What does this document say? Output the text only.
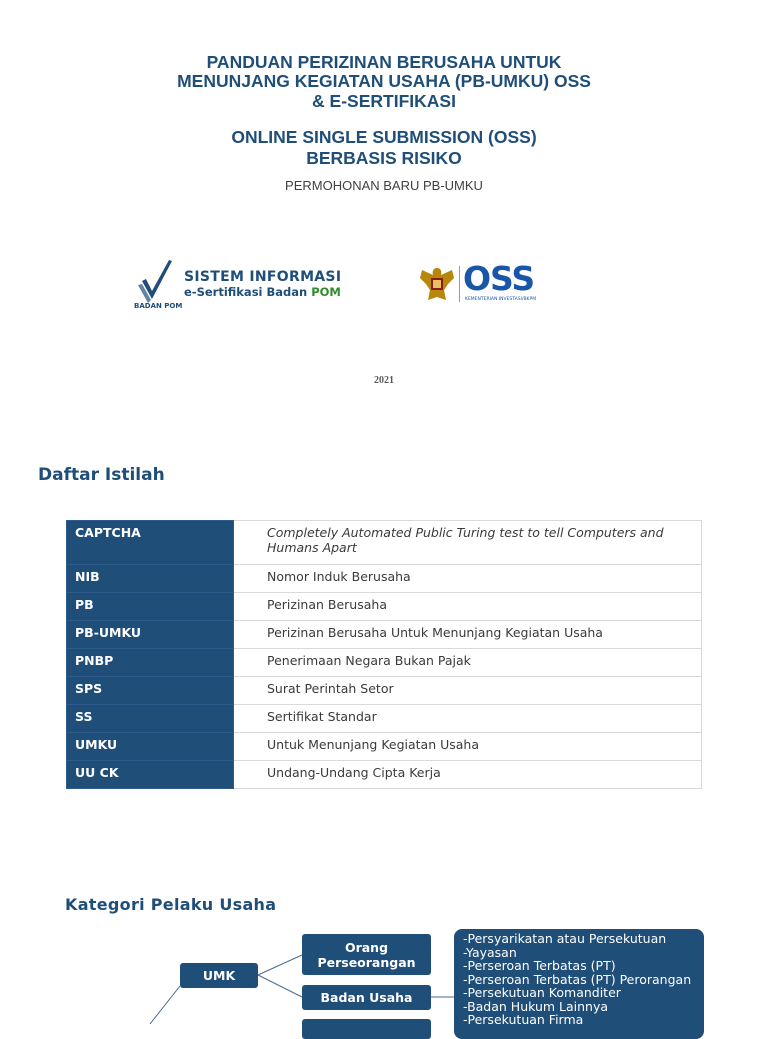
PANDUAN PERIZINAN BERUSAHA UNTUK
MENUNJANG KEGIATAN USAHA (PB-UMKU) OSS
& E-SERTIFIKASI
ONLINE SINGLE SUBMISSION (OSS)
BERBASIS RISIKO
PERMOHONAN BARU PB-UMKU
BADAN POM
SISTEM INFORMASI
e-Sertifikasi Badan POM	OSS
KEMENTERIAN INVESTASI/BKPM
2021
Daftar Istilah
CAPTCHA	Completely Automated Public Turing test to tell Computers and
Humans Apart

NIB	Nomor Induk Berusaha
PB	Perizinan Berusaha
PB-UMKU	Perizinan Berusaha Untuk Menunjang Kegiatan Usaha
PNBP	Penerimaan Negara Bukan Pajak
SPS	Surat Perintah Setor
SS	Sertifikat Standar
UMKU	Untuk Menunjang Kegiatan Usaha
UU CK	Undang-Undang Cipta Kerja
Kategori Pelaku Usaha
UMK
Orang
Perseorangan
Badan Usaha
-Persyarikatan atau Persekutuan
-Yayasan
-Perseroan Terbatas (PT)
-Perseroan Terbatas (PT) Perorangan
-Persekutuan Komanditer
-Badan Hukum Lainnya
-Persekutuan Firma
